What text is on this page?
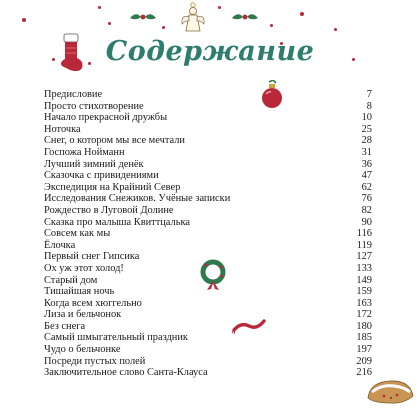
Содержание
Предисловие	7
Просто стихотворение	8
Начало прекрасной дружбы	10
Ноточка	25
Снег, о котором мы все мечтали	28
Госпожа Нойманн	31
Лучший зимний денёк	36
Сказочка с привидениями	47
Экспедиция на Крайний Север	62
Исследования Снежиков. Учёные записки	76
Рождество в Луговой Долине	82
Сказка про малыша Квиттцалька	90
Совсем как мы	116
Ёлочка	119
Первый снег Гипсика	127
Ох уж этот холод!	133
Старый дом	149
Тишайшая ночь	159
Когда всем хюггельно	163
Лиза и бельчонок	172
Без снега	180
Самый шмыгательный праздник	185
Чудо о бельчонке	197
Посреди пустых полей	209
Заключительное слово Санта-Клауса	216
